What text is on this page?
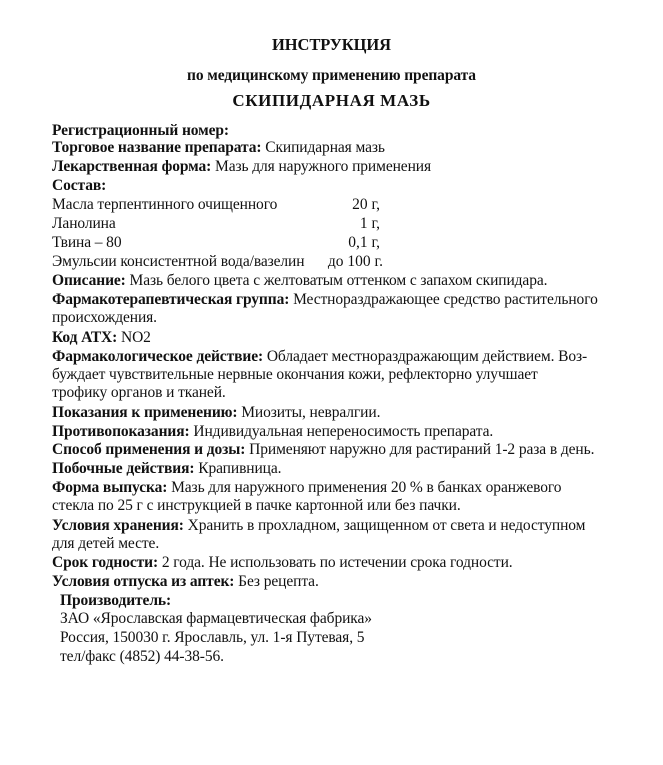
ИНСТРУКЦИЯ
по медицинскому применению препарата
СКИПИДАРНАЯ МАЗЬ
Регистрационный номер:
Торговое название препарата: Скипидарная мазь
Лекарственная форма: Мазь для наружного применения
Состав:
Масла терпентинного очищенного	20 г,
Ланолина	1 г,
Твина – 80	0,1 г,
Эмульсии консистентной вода/вазелин	до 100 г.
Описание: Мазь белого цвета с желтоватым оттенком с запахом скипидара.
Фармакотерапевтическая группа: Местнораздражающее средство растительного
происхождения.
Код АТХ: NO2
Фармакологическое действие: Обладает местнораздражающим действием. Воз-
буждает чувствительные нервные окончания кожи, рефлекторно улучшает
трофику органов и тканей.
Показания к применению: Миозиты, невралгии.
Противопоказания: Индивидуальная непереносимость препарата.
Способ применения и дозы: Применяют наружно для растираний 1-2 раза в день.
Побочные действия: Крапивница.
Форма выпуска: Мазь для наружного применения 20 % в банках оранжевого
стекла по 25 г с инструкцией в пачке картонной или без пачки.
Условия хранения: Хранить в прохладном, защищенном от света и недоступном
для детей месте.
Срок годности: 2 года. Не использовать по истечении срока годности.
Условия отпуска из аптек: Без рецепта.
Производитель:
ЗАО «Ярославская фармацевтическая фабрика»
Россия, 150030 г. Ярославль, ул. 1-я Путевая, 5
тел/факс (4852) 44-38-56.
